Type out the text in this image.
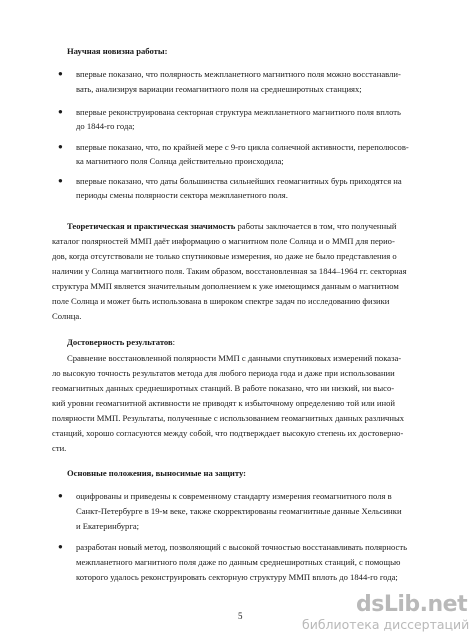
Научная новизна работы:
● впервые показано, что полярность межпланетного магнитного поля можно восстанавли-
вать, анализируя вариации геомагнитного поля на среднеширотных станциях;
● впервые реконструирована секторная структура межпланетного магнитного поля вплоть
до 1844-го года;
● впервые показано, что, по крайней мере с 9-го цикла солнечной активности, переполюсов-
ка магнитного поля Солнца действительно происходила;
● впервые показано, что даты большинства сильнейших геомагнитных бурь приходятся на
периоды смены полярности сектора межпланетного поля.
Теоретическая и практическая значимость работы заключается в том, что полученный
каталог полярностей ММП даёт информацию о магнитном поле Солнца и о ММП для перио-
дов, когда отсутствовали не только спутниковые измерения, но даже не было представления о
наличии у Солнца магнитного поля. Таким образом, восстановленная за 1844–1964 гг. секторная
структура ММП является значительным дополнением к уже имеющимся данным о магнитном
поле Солнца и может быть использована в широком спектре задач по исследованию физики
Солнца.
Достоверность результатов:
Сравнение восстановленной полярности ММП с данными спутниковых измерений показа-
ло высокую точность результатов метода для любого периода года и даже при использовании
геомагнитных данных среднеширотных станций. В работе показано, что ни низкий, ни высо-
кий уровни геомагнитной активности не приводят к избыточному определению той или иной
полярности ММП. Результаты, полученные с использованием геомагнитных данных различных
станций, хорошо согласуются между собой, что подтверждает высокую степень их достоверно-
сти.
Основные положения, выносимые на защиту:
● оцифрованы и приведены к современному стандарту измерения геомагнитного поля в
Санкт-Петербурге в 19-м веке, также скорректированы геомагнитные данные Хельсинки
и Екатеринбурга;
● разработан новый метод, позволяющий с высокой точностью восстанавливать полярность
межпланетного магнитного поля даже по данным среднеширотных станций, с помощью
которого удалось реконструировать секторную структуру ММП вплоть до 1844-го года;
5	dsLib.net
библиотека диссертаций
